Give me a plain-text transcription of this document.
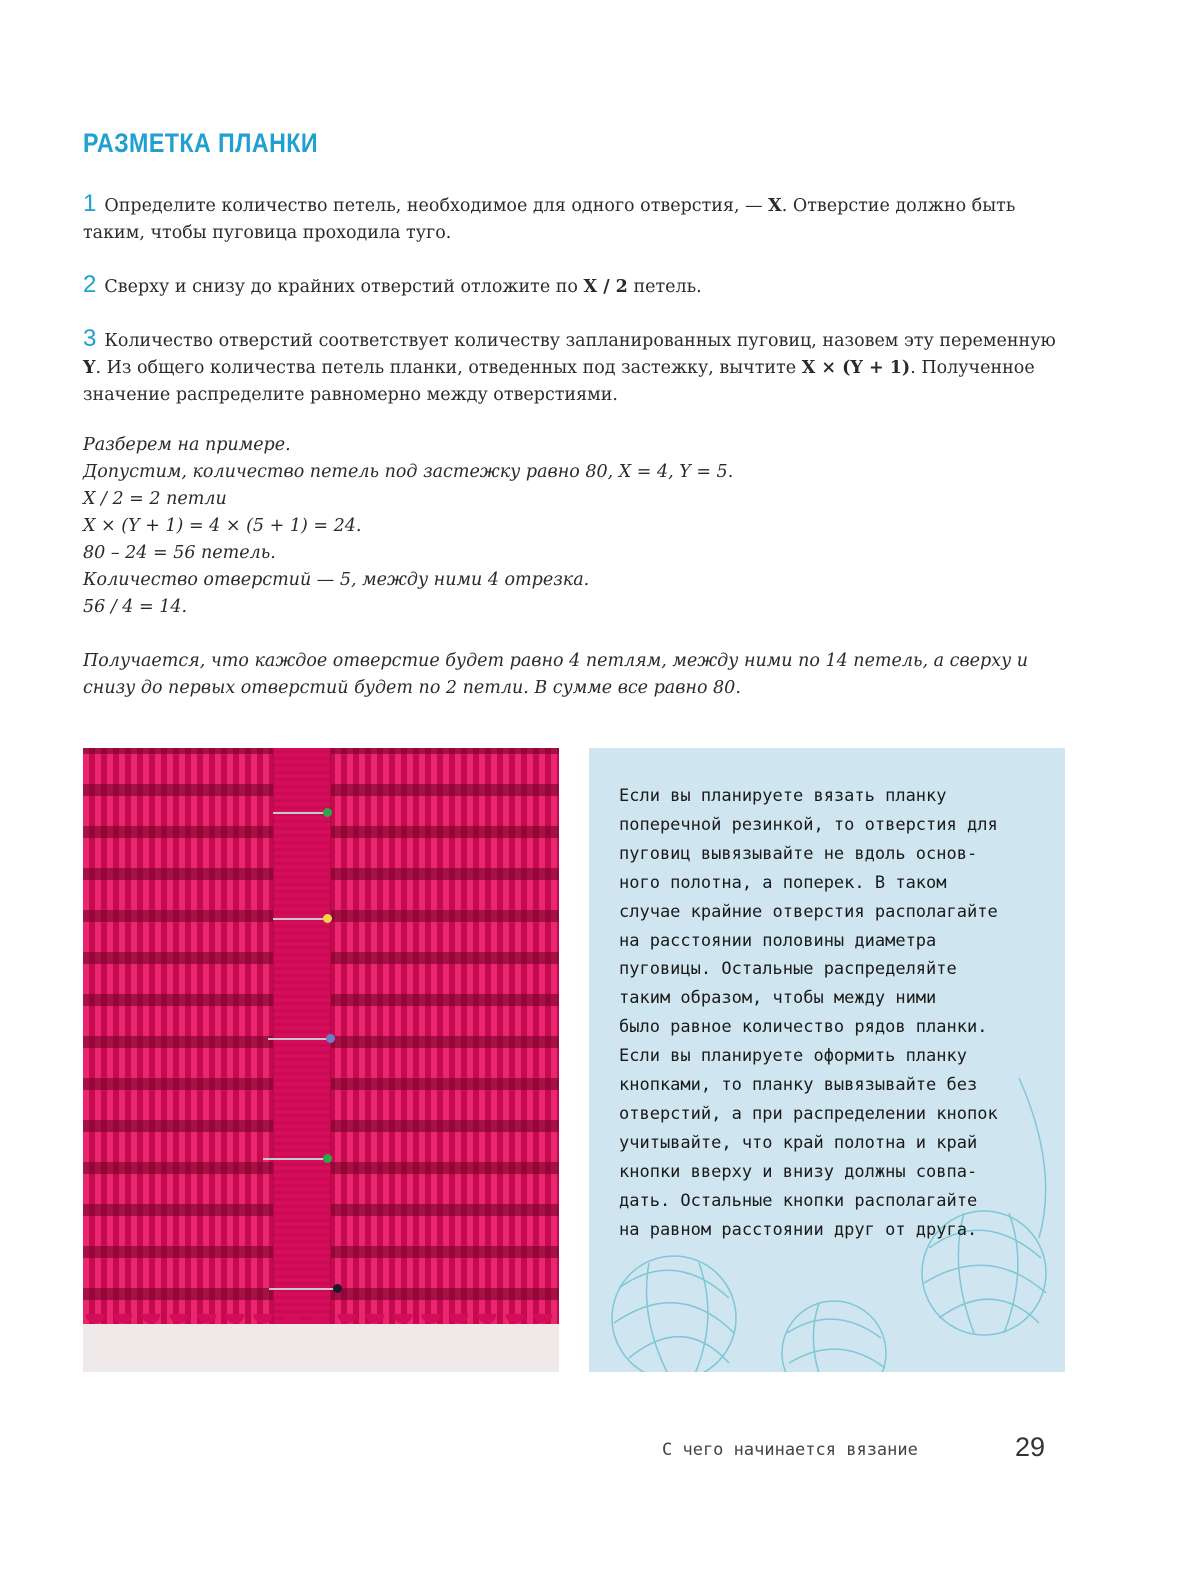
РАЗМЕТКА ПЛАНКИ
1 Определите количество петель, необходимое для одного отверстия, — X. Отверстие должно быть таким, чтобы пуговица проходила туго.
2 Сверху и снизу до крайних отверстий отложите по X / 2 петель.
3 Количество отверстий соответствует количеству запланированных пуговиц, назовем эту переменную Y. Из общего количества петель планки, отведенных под застежку, вычтите X × (Y + 1). Полученное значение распределите равномерно между отверстиями.
Разберем на примере.
Допустим, количество петель под застежку равно 80, X = 4, Y = 5.
X / 2 = 2 петли
X × (Y + 1) = 4 × (5 + 1) = 24.
80 – 24 = 56 петель.
Количество отверстий — 5, между ними 4 отрезка.
56 / 4 = 14.
Получается, что каждое отверстие будет равно 4 петлям, между ними по 14 петель, а сверху и снизу до первых отверстий будет по 2 петли. В сумме все равно 80.
Если вы планируете вязать планку
поперечной резинкой, то отверстия для
пуговиц вывязывайте не вдоль основ-
ного полотна, а поперек. В таком
случае крайние отверстия располагайте
на расстоянии половины диаметра
пуговицы. Остальные распределяйте
таким образом, чтобы между ними
было равное количество рядов планки.
Если вы планируете оформить планку
кнопками, то планку вывязывайте без
отверстий, а при распределении кнопок
учитывайте, что край полотна и край
кнопки вверху и внизу должны совпа-
дать. Остальные кнопки располагайте
на равном расстоянии друг от друга.
С чего начинается вязание	29
